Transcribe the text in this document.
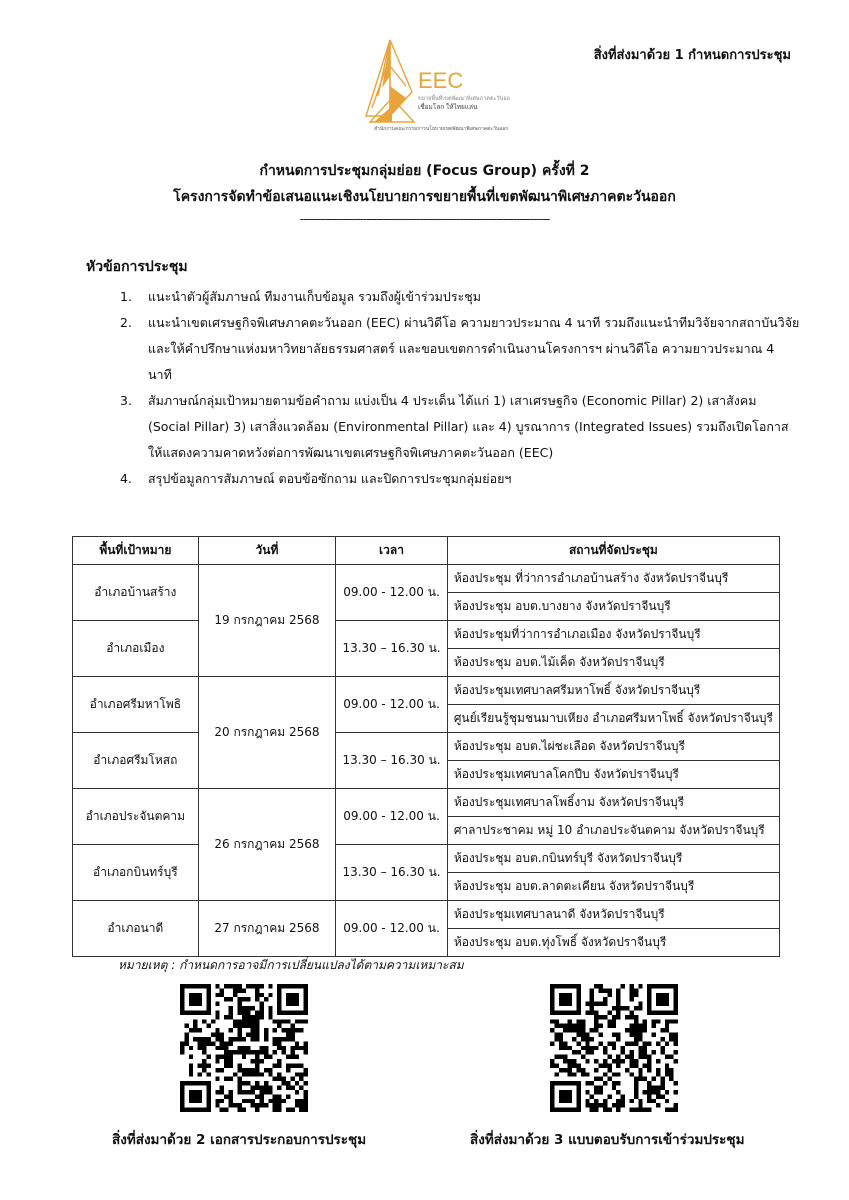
สิ่งที่ส่งมาด้วย 1 กำหนดการประชุม
EEC
ขยายพื้นที่เขตพัฒนาพิเศษภาคตะวันออก
เชื่อมโลก ให้ไทยแล่น
สำนักงานคณะกรรมการนโยบายเขตพัฒนาพิเศษภาคตะวันออก
กำหนดการประชุมกลุ่มย่อย (Focus Group) ครั้งที่ 2
โครงการจัดทำข้อเสนอแนะเชิงนโยบายการขยายพื้นที่เขตพัฒนาพิเศษภาคตะวันออก
---------------------------------------------------------------------------
หัวข้อการประชุม
1.	แนะนำตัวผู้สัมภาษณ์ ทีมงานเก็บข้อมูล รวมถึงผู้เข้าร่วมประชุม
2.	แนะนำเขตเศรษฐกิจพิเศษภาคตะวันออก (EEC) ผ่านวิดีโอ ความยาวประมาณ 4 นาที รวมถึงแนะนำทีมวิจัยจากสถาบันวิจัยและให้คำปรึกษาแห่งมหาวิทยาลัยธรรมศาสตร์ และขอบเขตการดำเนินงานโครงการฯ ผ่านวิดีโอ ความยาวประมาณ 4 นาที
3.	สัมภาษณ์กลุ่มเป้าหมายตามข้อคำถาม แบ่งเป็น 4 ประเด็น ได้แก่ 1) เสาเศรษฐกิจ (Economic Pillar) 2) เสาสังคม (Social Pillar) 3) เสาสิ่งแวดล้อม (Environmental Pillar) และ 4) บูรณาการ (Integrated Issues) รวมถึงเปิดโอกาสให้แสดงความคาดหวังต่อการพัฒนาเขตเศรษฐกิจพิเศษภาคตะวันออก (EEC)
4.	สรุปข้อมูลการสัมภาษณ์ ตอบข้อซักถาม และปิดการประชุมกลุ่มย่อยฯ
พื้นที่เป้าหมาย	วันที่	เวลา	สถานที่จัดประชุม
อำเภอบ้านสร้าง	19 กรกฎาคม 2568	09.00 - 12.00 น.	ห้องประชุม ที่ว่าการอำเภอบ้านสร้าง จังหวัดปราจีนบุรี
			ห้องประชุม อบต.บางยาง จังหวัดปราจีนบุรี
อำเภอเมือง		13.30 – 16.30 น.	ห้องประชุมที่ว่าการอำเภอเมือง จังหวัดปราจีนบุรี
			ห้องประชุม อบต.ไม้เค็ด จังหวัดปราจีนบุรี
อำเภอศรีมหาโพธิ	20 กรกฎาคม 2568	09.00 - 12.00 น.	ห้องประชุมเทศบาลศรีมหาโพธิ์ จังหวัดปราจีนบุรี
			ศูนย์เรียนรู้ชุมชนมาบเหียง อำเภอศรีมหาโพธิ์ จังหวัดปราจีนบุรี
อำเภอศรีมโหสถ		13.30 – 16.30 น.	ห้องประชุม อบต.ไผ่ชะเลือด จังหวัดปราจีนบุรี
			ห้องประชุมเทศบาลโคกปีบ จังหวัดปราจีนบุรี
อำเภอประจันตคาม	26 กรกฎาคม 2568	09.00 - 12.00 น.	ห้องประชุมเทศบาลโพธิ์งาม จังหวัดปราจีนบุรี
			ศาลาประชาคม หมู่ 10 อำเภอประจันตคาม จังหวัดปราจีนบุรี
อำเภอกบินทร์บุรี		13.30 – 16.30 น.	ห้องประชุม อบต.กบินทร์บุรี จังหวัดปราจีนบุรี
			ห้องประชุม อบต.ลาดตะเคียน จังหวัดปราจีนบุรี
อำเภอนาดี	27 กรกฎาคม 2568	09.00 - 12.00 น.	ห้องประชุมเทศบาลนาดี จังหวัดปราจีนบุรี
			ห้องประชุม อบต.ทุ่งโพธิ์ จังหวัดปราจีนบุรี
หมายเหตุ : กำหนดการอาจมีการเปลี่ยนแปลงได้ตามความเหมาะสม
สิ่งที่ส่งมาด้วย 2 เอกสารประกอบการประชุม	สิ่งที่ส่งมาด้วย 3 แบบตอบรับการเข้าร่วมประชุม
